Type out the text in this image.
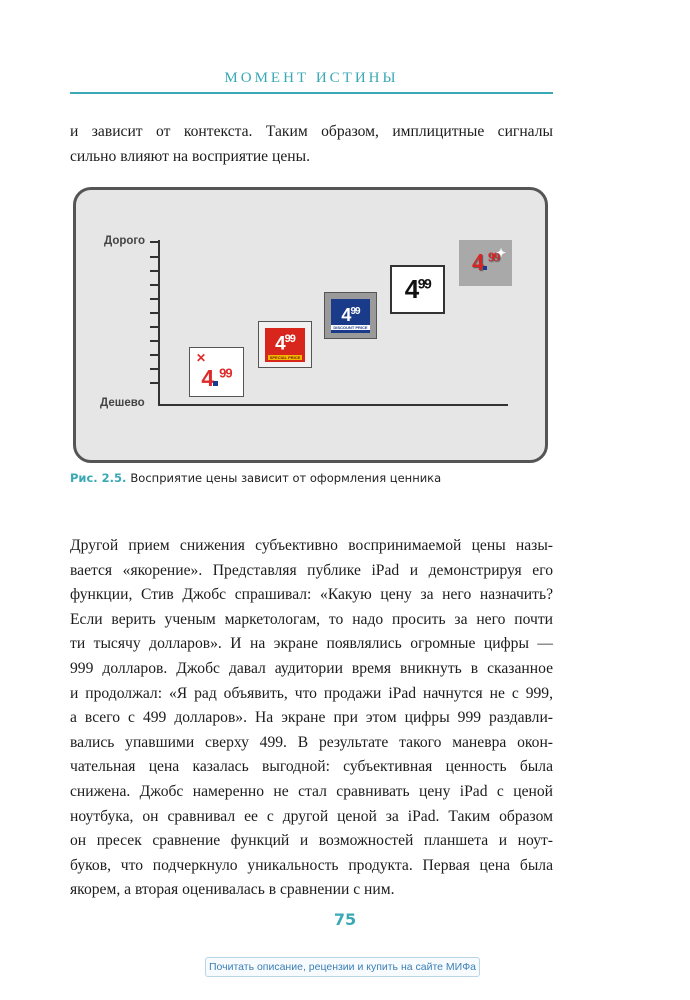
МОМЕНТ ИСТИНЫ

и зависит от контекста. Таким образом, имплицитные сигналы
сильно влияют на восприятие цены.

Дорого
Дешево
✕
4 $^{99}$
$4^{99}$
SPECIAL PRICE
$4^{99}$
DISCOUNT PRICE
$4^{99}$
✦
4 $^{99}$
Рис. 2.5. Восприятие цены зависит от оформления ценника

Другой прием снижения субъективно воспринимаемой цены назы-
вается «якорение». Представляя публике iPad и демонстрируя его
функции, Стив Джобс спрашивал: «Какую цену за него назначить?
Если верить ученым маркетологам, то надо просить за него почти
ти тысячу долларов». И на экране появлялись огромные цифры —
999 долларов. Джобс давал аудитории время вникнуть в сказанное
и продолжал: «Я рад объявить, что продажи iPad начнутся не с 999,
а всего с 499 долларов». На экране при этом цифры 999 раздавли-
вались упавшими сверху 499. В результате такого маневра окон-
чательная цена казалась выгодной: субъективная ценность была
снижена. Джобс намеренно не стал сравнивать цену iPad с ценой
ноутбука, он сравнивал ее с другой ценой за iPad. Таким образом
он пресек сравнение функций и возможностей планшета и ноут-
буков, что подчеркнуло уникальность продукта. Первая цена была
якорем, а вторая оценивалась в сравнении с ним.

75
Почитать описание, рецензии и купить на сайте МИФа
